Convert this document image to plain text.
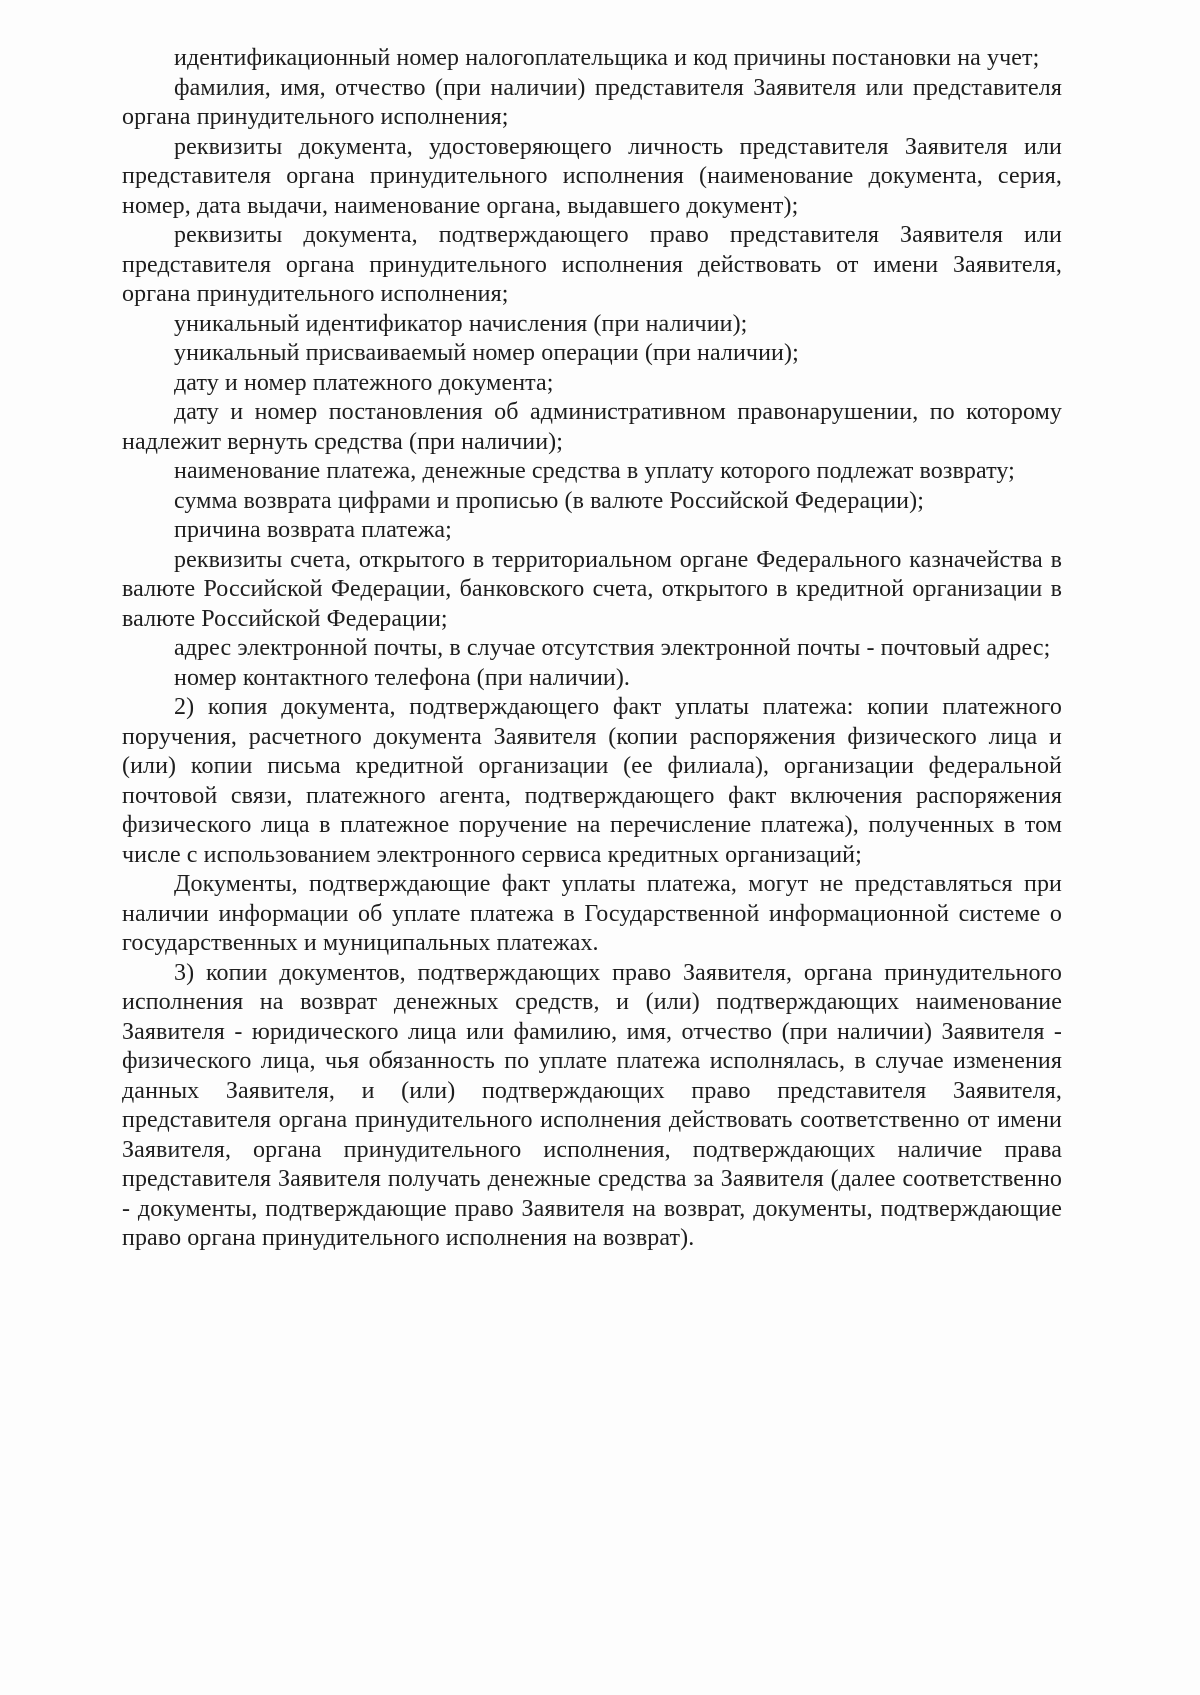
идентификационный номер налогоплательщика и код причины постановки на учет;

фамилия, имя, отчество (при наличии) представителя Заявителя или представителя органа принудительного исполнения;

реквизиты документа, удостоверяющего личность представителя Заявителя или представителя органа принудительного исполнения (наименование документа, серия, номер, дата выдачи, наименование органа, выдавшего документ);

реквизиты документа, подтверждающего право представителя Заявителя или представителя органа принудительного исполнения действовать от имени Заявителя, органа принудительного исполнения;

уникальный идентификатор начисления (при наличии);

уникальный присваиваемый номер операции (при наличии);

дату и номер платежного документа;

дату и номер постановления об административном правонарушении, по которому надлежит вернуть средства (при наличии);

наименование платежа, денежные средства в уплату которого подлежат возврату;

сумма возврата цифрами и прописью (в валюте Российской Федерации);

причина возврата платежа;

реквизиты счета, открытого в территориальном органе Федерального казначейства в валюте Российской Федерации, банковского счета, открытого в кредитной организации в валюте Российской Федерации;

адрес электронной почты, в случае отсутствия электронной почты - почтовый адрес;

номер контактного телефона (при наличии).

2) копия документа, подтверждающего факт уплаты платежа: копии платежного поручения, расчетного документа Заявителя (копии распоряжения физического лица и (или) копии письма кредитной организации (ее филиала), организации федеральной почтовой связи, платежного агента, подтверждающего факт включения распоряжения физического лица в платежное поручение на перечисление платежа), полученных в том числе с использованием электронного сервиса кредитных организаций;

Документы, подтверждающие факт уплаты платежа, могут не представляться при наличии информации об уплате платежа в Государственной информационной системе о государственных и муниципальных платежах.

3) копии документов, подтверждающих право Заявителя, органа принудительного исполнения на возврат денежных средств, и (или) подтверждающих наименование Заявителя - юридического лица или фамилию, имя, отчество (при наличии) Заявителя - физического лица, чья обязанность по уплате платежа исполнялась, в случае изменения данных Заявителя, и (или) подтверждающих право представителя Заявителя, представителя органа принудительного исполнения действовать соответственно от имени Заявителя, органа принудительного исполнения, подтверждающих наличие права представителя Заявителя получать денежные средства за Заявителя (далее соответственно - документы, подтверждающие право Заявителя на возврат, документы, подтверждающие право органа принудительного исполнения на возврат).
